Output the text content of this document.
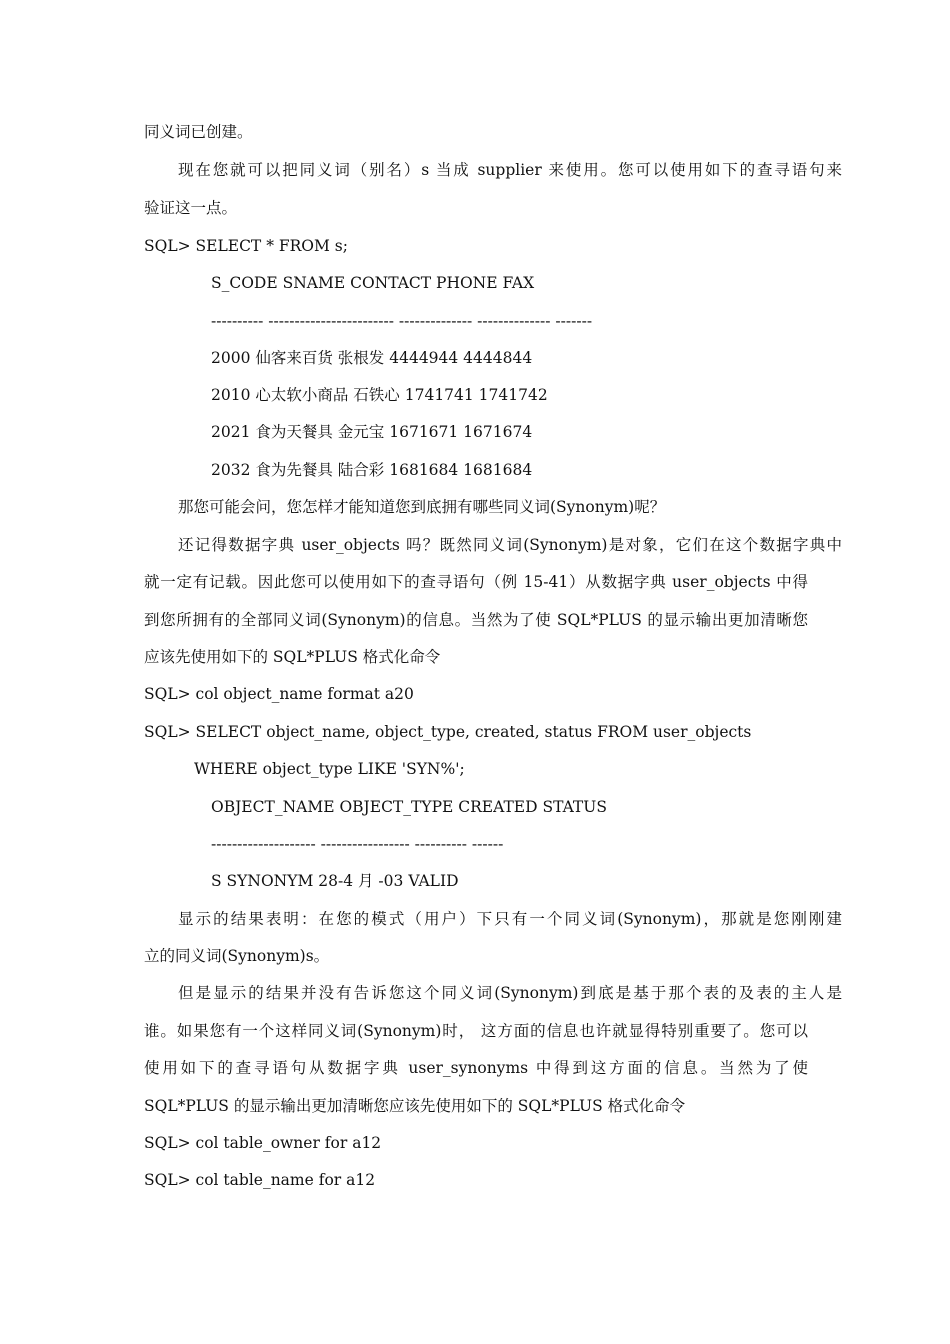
同义词已创建。
现在您就可以把同义词（别名）s 当成 supplier 来使用。您可以使用如下的查寻语句来
验证这一点。
SQL> SELECT * FROM s;
S_CODE SNAME CONTACT PHONE FAX
---------- ------------------------ -------------- -------------- -------
2000 仙客来百货 张根发 4444944 4444844
2010 心太软小商品 石铁心 1741741 1741742
2021 食为天餐具 金元宝 1671671 1671674
2032 食为先餐具 陆合彩 1681684 1681684
那您可能会问，您怎样才能知道您到底拥有哪些同义词(Synonym)呢？
还记得数据字典 user_objects 吗？既然同义词(Synonym)是对象，它们在这个数据字典中
就一定有记载。因此您可以使用如下的查寻语句（例 15-41）从数据字典 user_objects 中得
到您所拥有的全部同义词(Synonym)的信息。当然为了使 SQL*PLUS 的显示输出更加清晰您
应该先使用如下的 SQL*PLUS 格式化命令
SQL> col object_name format a20
SQL> SELECT object_name, object_type, created, status FROM user_objects
WHERE object_type LIKE 'SYN%';
OBJECT_NAME OBJECT_TYPE CREATED STATUS
-------------------- ----------------- ---------- ------
S SYNONYM 28-4 月 -03 VALID
显示的结果表明：在您的模式（用户）下只有一个同义词(Synonym)，那就是您刚刚建
立的同义词(Synonym)s。
但是显示的结果并没有告诉您这个同义词(Synonym)到底是基于那个表的及表的主人是
谁。如果您有一个这样同义词(Synonym)时， 这方面的信息也许就显得特别重要了。您可以
使用如下的查寻语句从数据字典 user_synonyms 中得到这方面的信息。当然为了使
SQL*PLUS 的显示输出更加清晰您应该先使用如下的 SQL*PLUS 格式化命令
SQL> col table_owner for a12
SQL> col table_name for a12
